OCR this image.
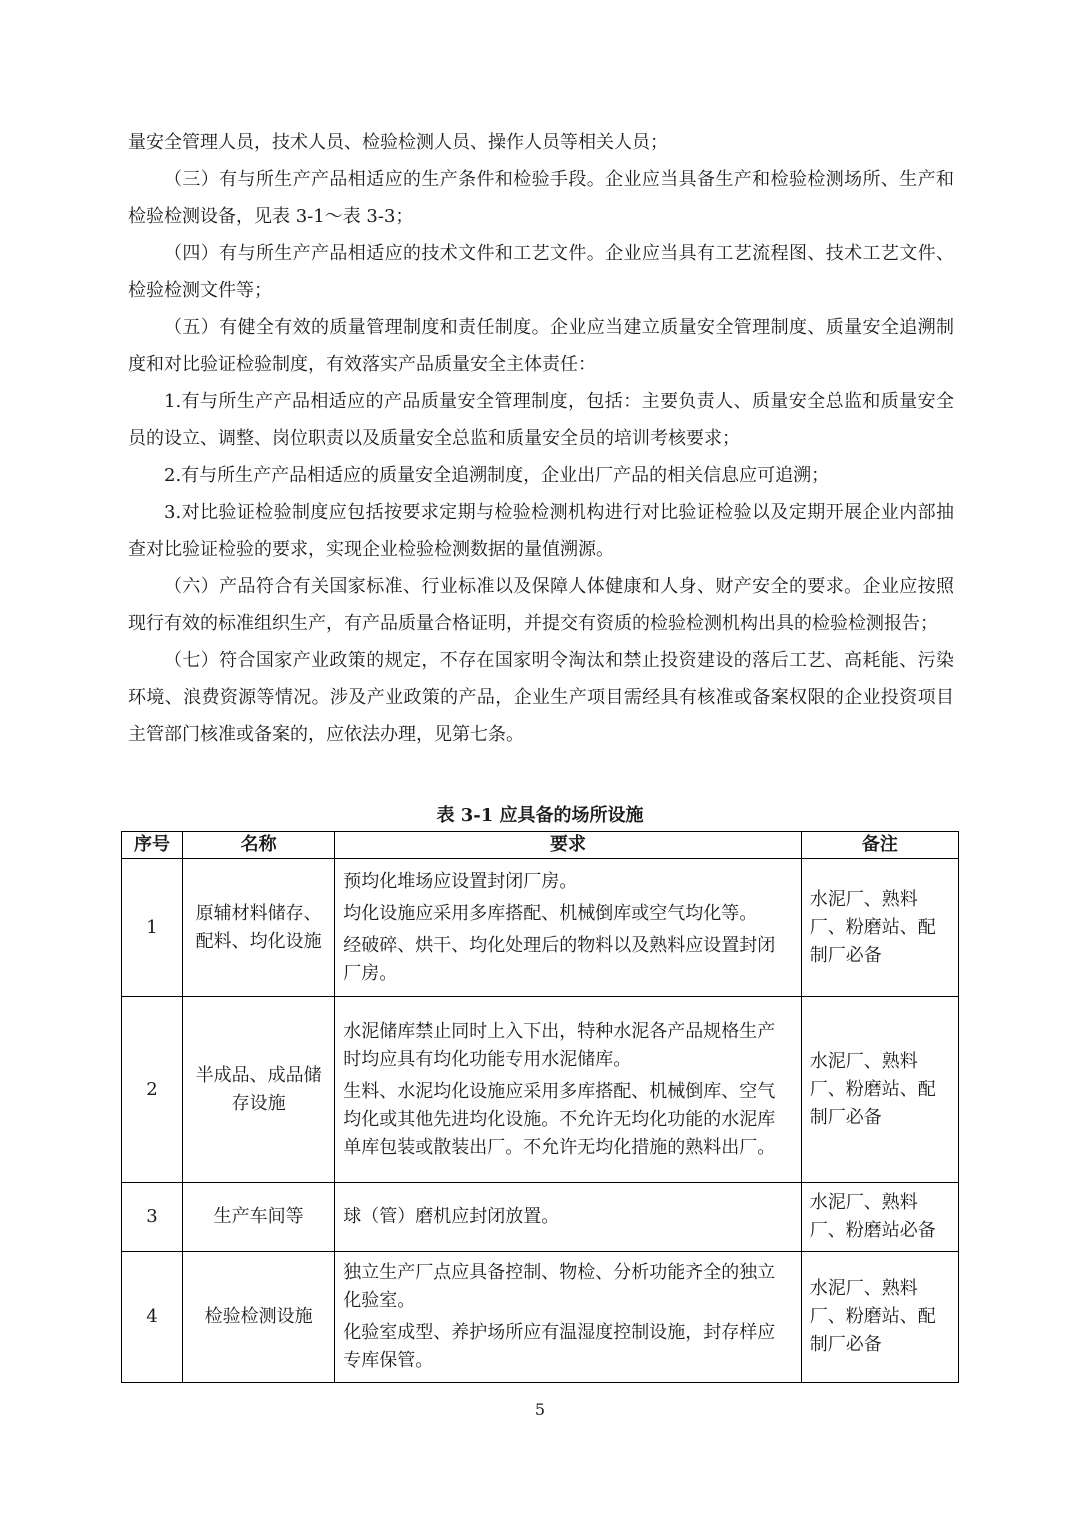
量安全管理人员，技术人员、检验检测人员、操作人员等相关人员；

（三）有与所生产产品相适应的生产条件和检验手段。企业应当具备生产和检验检测场所、生产和检验检测设备，见表 3-1～表 3-3；

（四）有与所生产产品相适应的技术文件和工艺文件。企业应当具有工艺流程图、技术工艺文件、检验检测文件等；

（五）有健全有效的质量管理制度和责任制度。企业应当建立质量安全管理制度、质量安全追溯制度和对比验证检验制度，有效落实产品质量安全主体责任：

1.有与所生产产品相适应的产品质量安全管理制度，包括：主要负责人、质量安全总监和质量安全员的设立、调整、岗位职责以及质量安全总监和质量安全员的培训考核要求；

2.有与所生产产品相适应的质量安全追溯制度，企业出厂产品的相关信息应可追溯；

3.对比验证检验制度应包括按要求定期与检验检测机构进行对比验证检验以及定期开展企业内部抽查对比验证检验的要求，实现企业检验检测数据的量值溯源。

（六）产品符合有关国家标准、行业标准以及保障人体健康和人身、财产安全的要求。企业应按照现行有效的标准组织生产，有产品质量合格证明，并提交有资质的检验检测机构出具的检验检测报告；

（七）符合国家产业政策的规定，不存在国家明令淘汰和禁止投资建设的落后工艺、高耗能、污染环境、浪费资源等情况。涉及产业政策的产品，企业生产项目需经具有核准或备案权限的企业投资项目主管部门核准或备案的，应依法办理，见第七条。

表 3-1 应具备的场所设施
序号	名称	要求	备注
1	原辅材料储存、配料、均化设施	预均化堆场应设置封闭厂房。
均化设施应采用多库搭配、机械倒库或空气均化等。
经破碎、烘干、均化处理后的物料以及熟料应设置封闭厂房。	水泥厂、熟料厂、粉磨站、配制厂必备
2	半成品、成品储存设施	水泥储库禁止同时上入下出，特种水泥各产品规格生产时均应具有均化功能专用水泥储库。
生料、水泥均化设施应采用多库搭配、机械倒库、空气均化或其他先进均化设施。不允许无均化功能的水泥库单库包装或散装出厂。不允许无均化措施的熟料出厂。	水泥厂、熟料厂、粉磨站、配制厂必备
3	生产车间等	球（管）磨机应封闭放置。	水泥厂、熟料厂、粉磨站必备
4	检验检测设施	独立生产厂点应具备控制、物检、分析功能齐全的独立化验室。
化验室成型、养护场所应有温湿度控制设施，封存样应专库保管。	水泥厂、熟料厂、粉磨站、配制厂必备
5
